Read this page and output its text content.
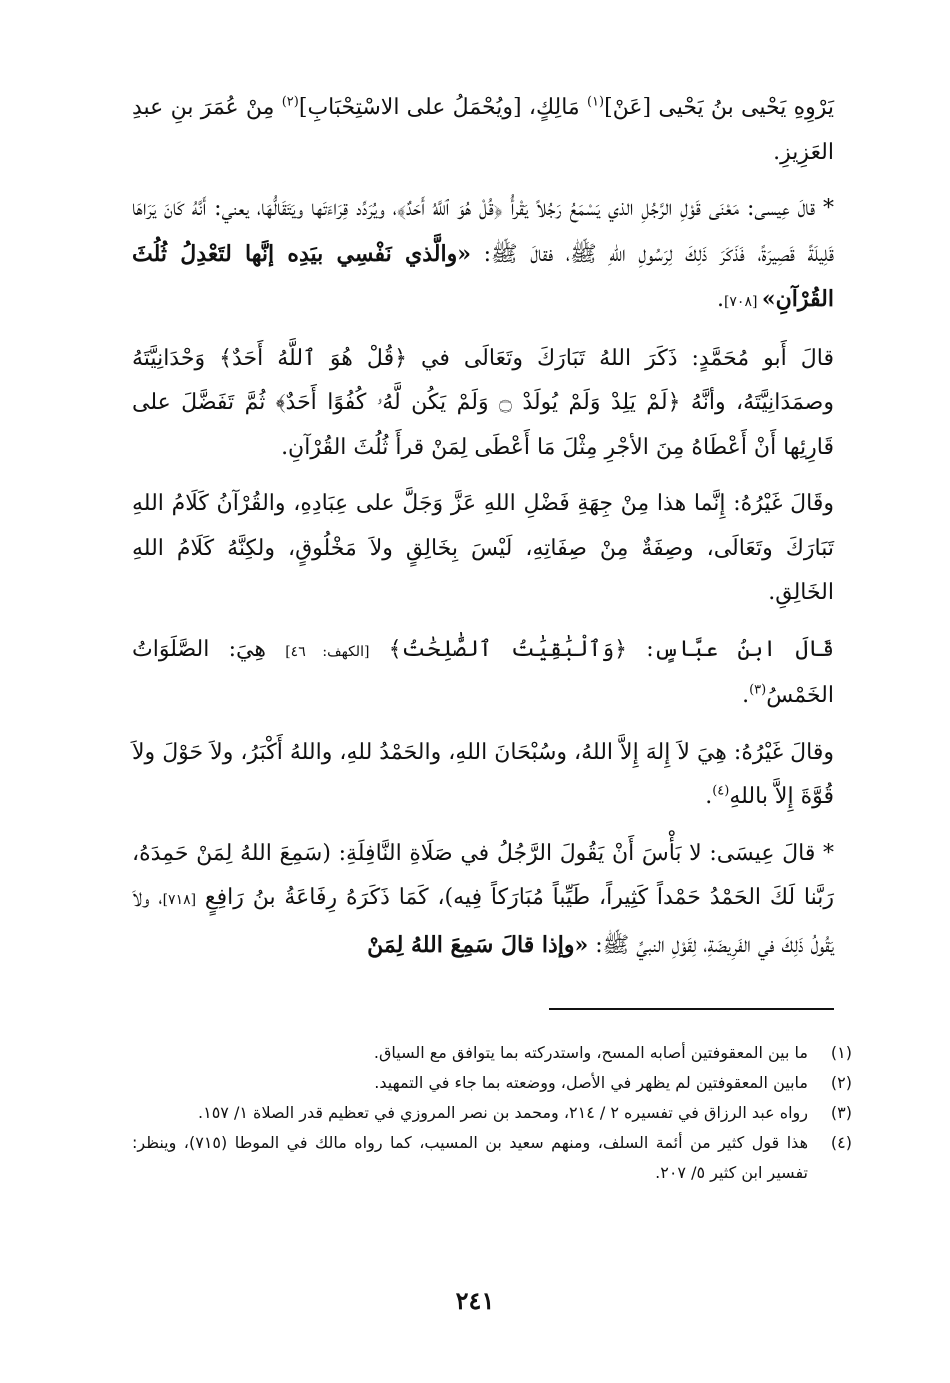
يَرْوِهِ يَحْيى بنُ يَحْيى [عَنْ]$^{(١)}$ مَالِكٍ، [ويُحْمَلُ على الاسْتِحْبَابِ]$^{(٢)}$ مِنْ عُمَرَ بنِ عبدِ العَزِيزِ.

* قالَ عِيسى: مَعْنَى قَوْلِ الرَّجُلِ الذي يَسْمَعُ رَجُلاً يَقْرأُ ﴿قُلْ هُوَ ٱللَّهُ أَحَدٌ﴾، ويُرَدِّد قِرَاءَتَها ويَتَقَالُّهَا، يعني: أَنَّهُ كَانَ يَرَاهَا قَلِيلَةً قَصِيرَةً، فَذَكَرَ ذَلِكَ لِرَسُولِ اللهِ ﷺ، فقالَ ﷺ: «والَّذي نَفْسِي بيَدِه إنَّها لتَعْدِلُ ثُلُثَ القُرْآنِ» [٧٠٨].

قالَ أَبو مُحَمَّدٍ: ذَكَرَ اللهُ تَبَارَكَ وتَعَالَى في ﴿قُلْ هُوَ ٱللَّهُ أَحَدٌ﴾ وَحْدَانِيَّتَهُ وصمَدَانِيَّتَهُ، وأنَّهُ ﴿لَمْ يَلِدْ وَلَمْ يُولَدْ ۝ وَلَمْ يَكُن لَّهُۥ كُفُوًا أَحَدٌ﴾ ثُمَّ تَفَضَّلَ على قَارِئِها أَنْ أَعْطَاهُ مِنَ الأجْرِ مِثْلَ مَا أَعْطَى لِمَنْ قرأَ ثُلُثَ القُرْآنِ.

وقَالَ غَيْرُهُ: إِنَّما هذا مِنْ جِهَةِ فَضْلِ اللهِ عَزَّ وَجَلَّ على عِبَادِهِ، والقُرْآنُ كَلَامُ اللهِ تَبَارَكَ وتَعَالَى، وصِفَةٌ مِنْ صِفَاتِهِ، لَيْسَ بِخَالِقٍ ولاَ مَخْلُوقٍ، ولكِنَّهُ كَلَامُ اللهِ الخَالِقِ.

قَالَ ابنُ عبَّاسٍ: ﴿وَٱلْبَٰقِيَٰتُ ٱلصَّٰلِحَٰتُ﴾ [الكهف: ٤٦] هِيَ: الصَّلَوَاتُ الخَمْسُ$^{(٣)}$.

وقالَ غَيْرُهُ: هِيَ لاَ إِلهَ إِلاَّ اللهُ، وسُبْحَانَ اللهِ، والحَمْدُ للهِ، واللهُ أَكْبَرُ، ولاَ حَوْلَ ولاَ قُوَّةَ إِلاَّ باللهِ$^{(٤)}$.

* قالَ عِيسَى: لا بَأْسَ أَنْ يَقُولَ الرَّجُلُ في صَلَاةِ النَّافِلَةِ: (سَمِعَ اللهُ لِمَنْ حَمِدَهُ، رَبَّنا لَكَ الحَمْدُ حَمْداً كَثِيراً، طَيِّباً مُبَارَكاً فِيه)، كَمَا ذَكَرَهُ رِفَاعَةُ بنُ رَافِعٍ [٧١٨]، ولاَ يَقُولُ ذَلِكَ في الفَرِيضَةِ، لِقَوْلِ النبيِّ ﷺ: «وإذا قالَ سَمِعَ اللهُ لِمَنْ

(١)
ما بين المعقوفتين أصابه المسح، واستدركته بما يتوافق مع السياق.
(٢)
مابين المعقوفتين لم يظهر في الأصل، ووضعته بما جاء في التمهيد.
(٣)
رواه عبد الرزاق في تفسيره ٢ / ٢١٤، ومحمد بن نصر المروزي في تعظيم قدر الصلاة ١/ ١٥٧.
(٤)
هذا قول كثير من أئمة السلف، ومنهم سعيد بن المسيب، كما رواه مالك في الموطا (٧١٥)، وينظر: تفسير ابن كثير ٥/ ٢٠٧.
٢٤١
